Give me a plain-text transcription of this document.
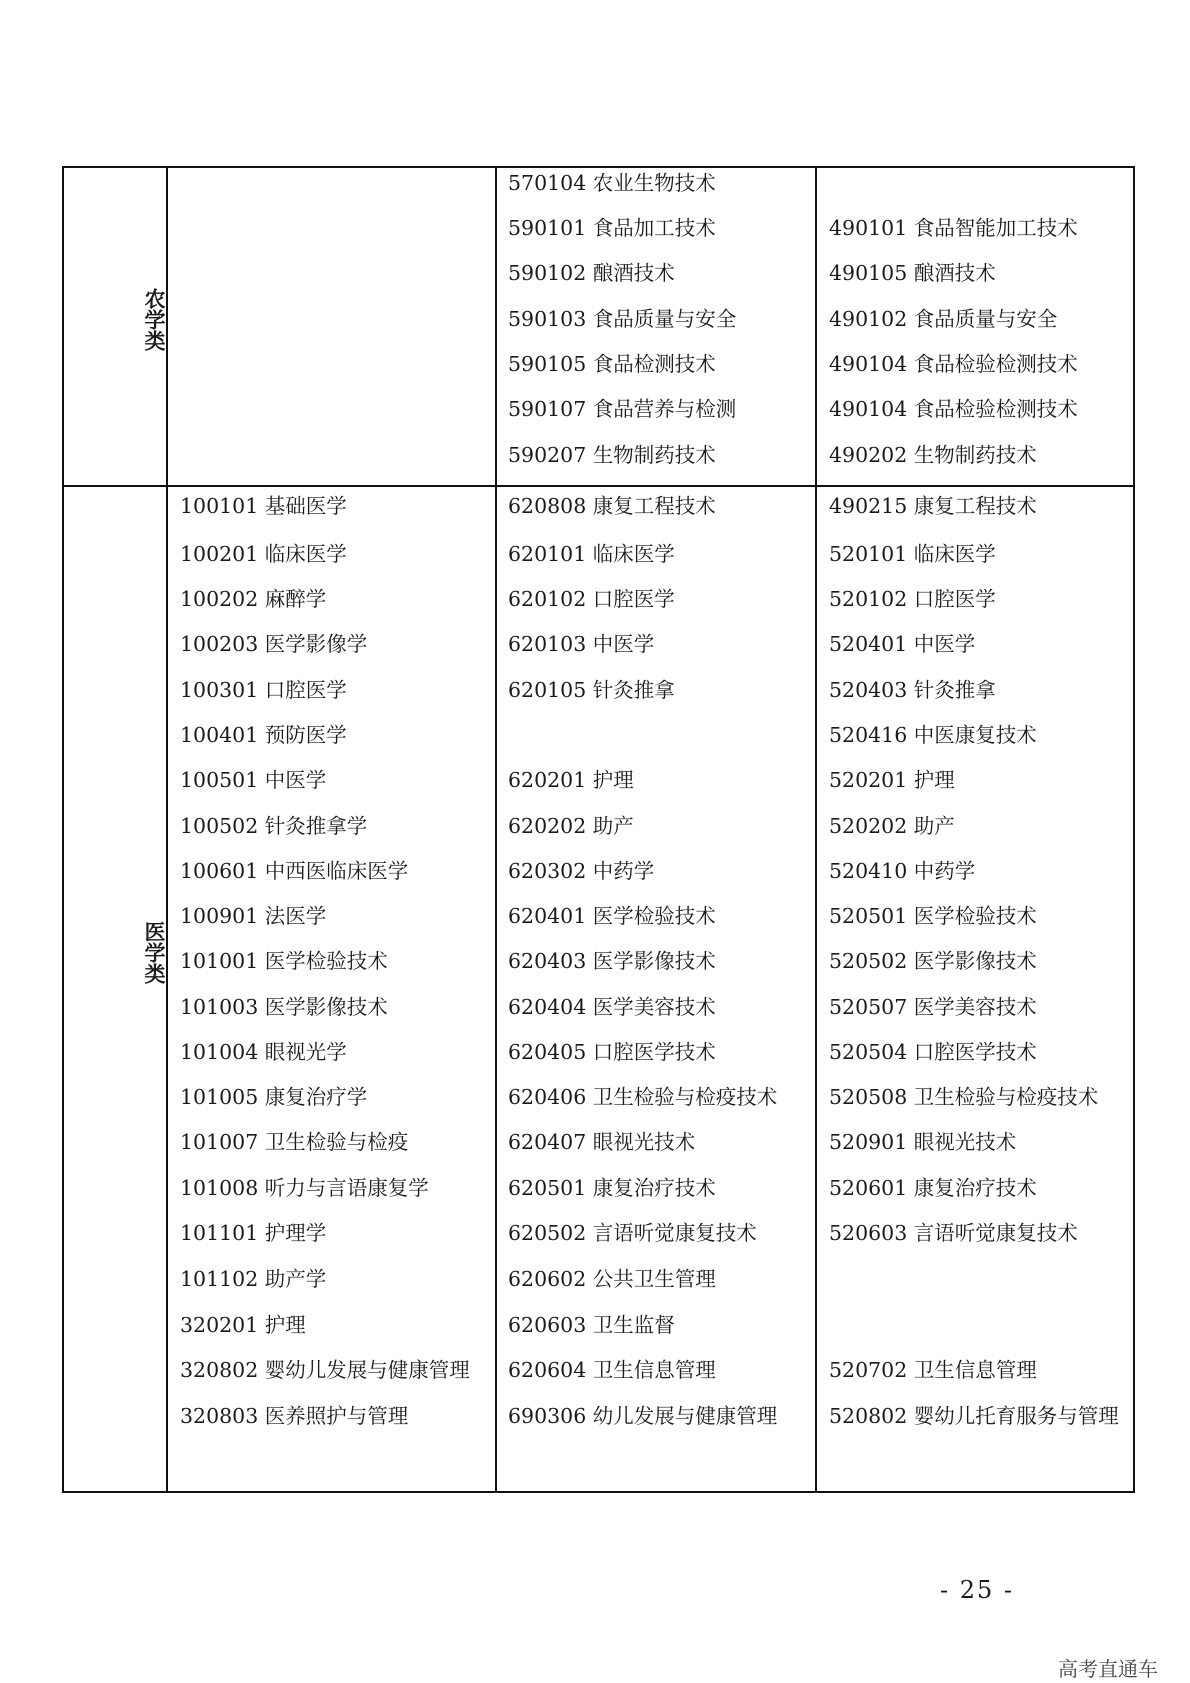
农学类
医学类
570104 农业生物技术
590101 食品加工技术
590102 酿酒技术
590103 食品质量与安全
590105 食品检测技术
590107 食品营养与检测
590207 生物制药技术
490101 食品智能加工技术
490105 酿酒技术
490102 食品质量与安全
490104 食品检验检测技术
490104 食品检验检测技术
490202 生物制药技术
100101 基础医学
100201 临床医学
100202 麻醉学
100203 医学影像学
100301 口腔医学
100401 预防医学
100501 中医学
100502 针灸推拿学
100601 中西医临床医学
100901 法医学
101001 医学检验技术
101003 医学影像技术
101004 眼视光学
101005 康复治疗学
101007 卫生检验与检疫
101008 听力与言语康复学
101101 护理学
101102 助产学
320201 护理
320802 婴幼儿发展与健康管理
320803 医养照护与管理
620808 康复工程技术
620101 临床医学
620102 口腔医学
620103 中医学
620105 针灸推拿
620201 护理
620202 助产
620302 中药学
620401 医学检验技术
620403 医学影像技术
620404 医学美容技术
620405 口腔医学技术
620406 卫生检验与检疫技术
620407 眼视光技术
620501 康复治疗技术
620502 言语听觉康复技术
620602 公共卫生管理
620603 卫生监督
620604 卫生信息管理
690306 幼儿发展与健康管理
490215 康复工程技术
520101 临床医学
520102 口腔医学
520401 中医学
520403 针灸推拿
520416 中医康复技术
520201 护理
520202 助产
520410 中药学
520501 医学检验技术
520502 医学影像技术
520507 医学美容技术
520504 口腔医学技术
520508 卫生检验与检疫技术
520901 眼视光技术
520601 康复治疗技术
520603 言语听觉康复技术
520702 卫生信息管理
520802 婴幼儿托育服务与管理
- 25 -
高考直通车
